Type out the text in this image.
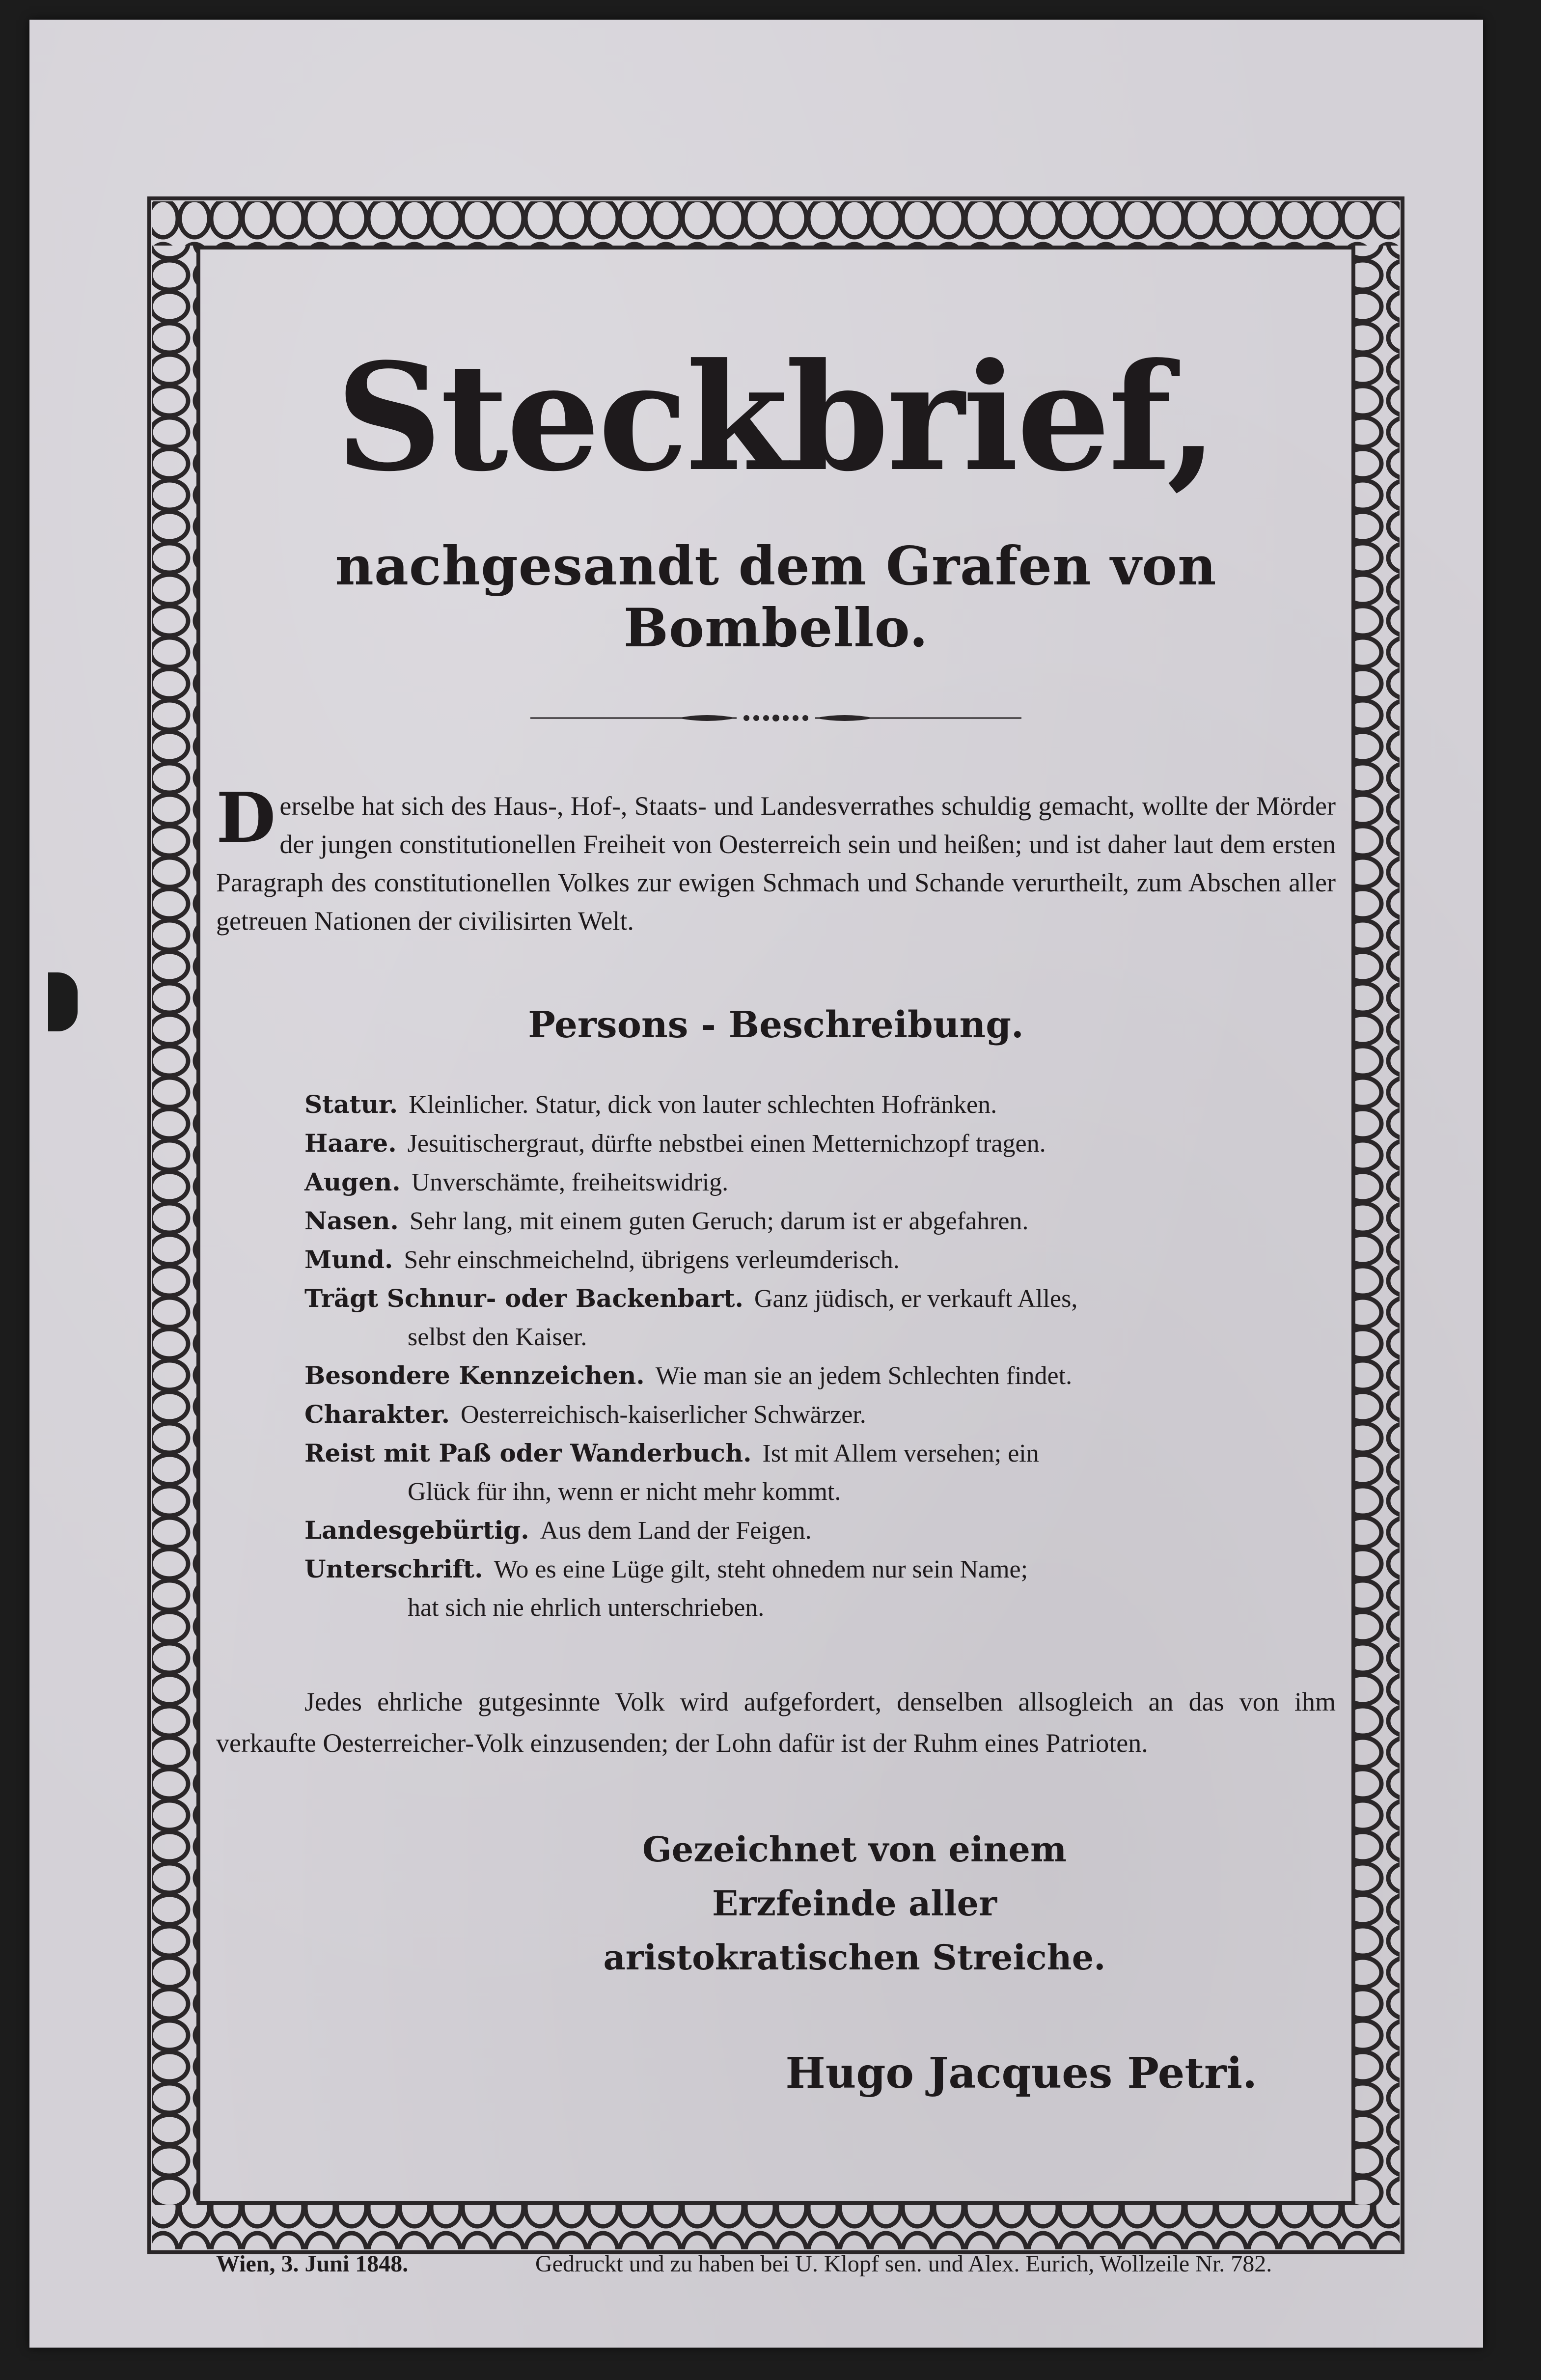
Steckbrief,
nachgesandt dem Grafen von Bombello.
D erselbe hat sich des Haus-, Hof-, Staats- und Landesverrathes schuldig gemacht, wollte der Mörder der jungen constitutionellen Freiheit von Oesterreich sein und heißen; und ist daher laut dem ersten Paragraph des constitutionellen Volkes zur ewigen Schmach und Schande verurtheilt, zum Abschen aller getreuen Nationen der civilisirten Welt.
Persons - Beschreibung.

Statur. Kleinlicher. Statur, dick von lauter schlechten Hofränken.

Haare. Jesuitischergraut, dürfte nebstbei einen Metternichzopf tragen.

Augen. Unverschämte, freiheitswidrig.

Nasen. Sehr lang, mit einem guten Geruch; darum ist er abgefahren.

Mund. Sehr einschmeichelnd, übrigens verleumderisch.

Trägt Schnur- oder Backenbart. Ganz jüdisch, er verkauft Alles,
selbst den Kaiser.

Besondere Kennzeichen. Wie man sie an jedem Schlechten findet.

Charakter. Oesterreichisch-kaiserlicher Schwärzer.

Reist mit Paß oder Wanderbuch. Ist mit Allem versehen; ein
Glück für ihn, wenn er nicht mehr kommt.

Landesgebürtig. Aus dem Land der Feigen.

Unterschrift. Wo es eine Lüge gilt, steht ohnedem nur sein Name;
hat sich nie ehrlich unterschrieben.

Jedes ehrliche gutgesinnte Volk wird aufgefordert, denselben allsogleich an das von ihm verkaufte Oesterreicher-Volk einzusenden; der Lohn dafür ist der Ruhm eines Patrioten.
Gezeichnet von einem Erzfeinde aller
aristokratischen Streiche.
Hugo Jacques Petri.
Wien, 3. Juni 1848.	Gedruckt und zu haben bei U. Klopf sen. und Alex. Eurich, Wollzeile Nr. 782.
